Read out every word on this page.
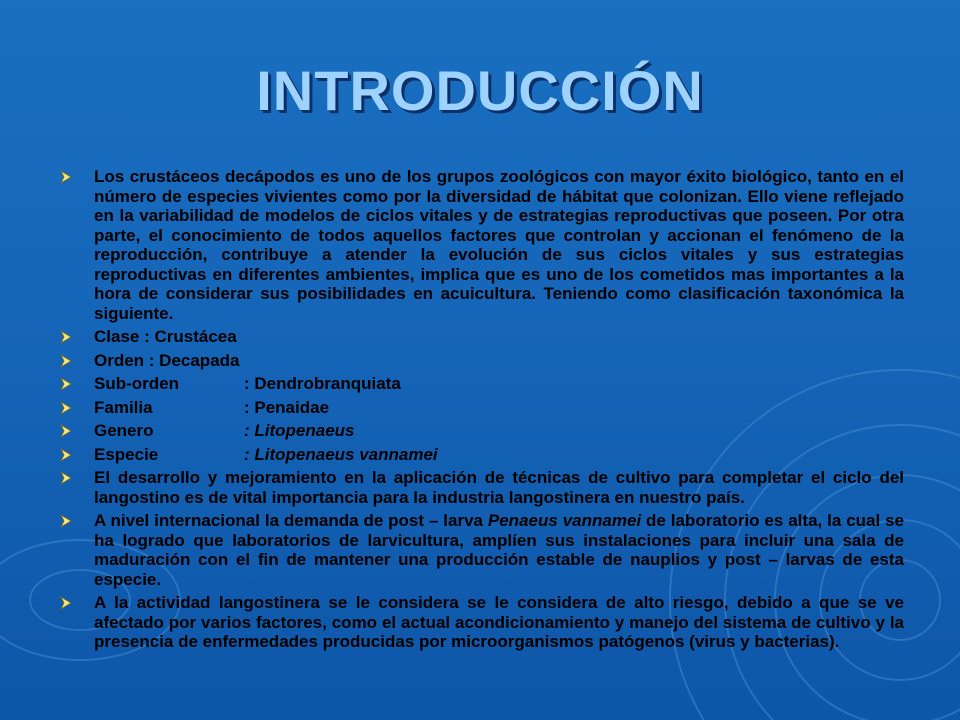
INTRODUCCIÓN
Los crustáceos decápodos es uno de los grupos zoológicos con mayor éxito biológico, tanto en el número de especies vivientes como por la diversidad de hábitat que colonizan. Ello viene reflejado en la variabilidad de modelos de ciclos vitales y de estrategias reproductivas que poseen. Por otra parte, el conocimiento de todos aquellos factores que controlan y accionan el fenómeno de la reproducción, contribuye a atender la evolución de sus ciclos vitales y sus estrategias reproductivas en diferentes ambientes, implica que es uno de los cometidos mas importantes a la hora de considerar sus posibilidades en acuicultura. Teniendo como clasificación taxonómica la siguiente.
Clase : Crustácea
Orden : Decapada
Sub-orden	: Dendrobranquiata
Familia	: Penaidae
Genero	: Litopenaeus
Especie	: Litopenaeus vannamei
El desarrollo y mejoramiento en la aplicación de técnicas de cultivo para completar el ciclo del langostino es de vital importancia para la industria langostinera en nuestro país.
A nivel internacional la demanda de post – larva Penaeus vannamei de laboratorio es alta, la cual se ha logrado que laboratorios de larvicultura, amplíen sus instalaciones para incluir una sala de maduración con el fin de mantener una producción estable de nauplios y post – larvas de esta especie.
A la actividad langostinera se le considera se le considera de alto riesgo, debido a que se ve afectado por varios factores, como el actual acondicionamiento y manejo del sistema de cultivo y la presencia de enfermedades producidas por microorganismos patógenos (virus y bacterias).
